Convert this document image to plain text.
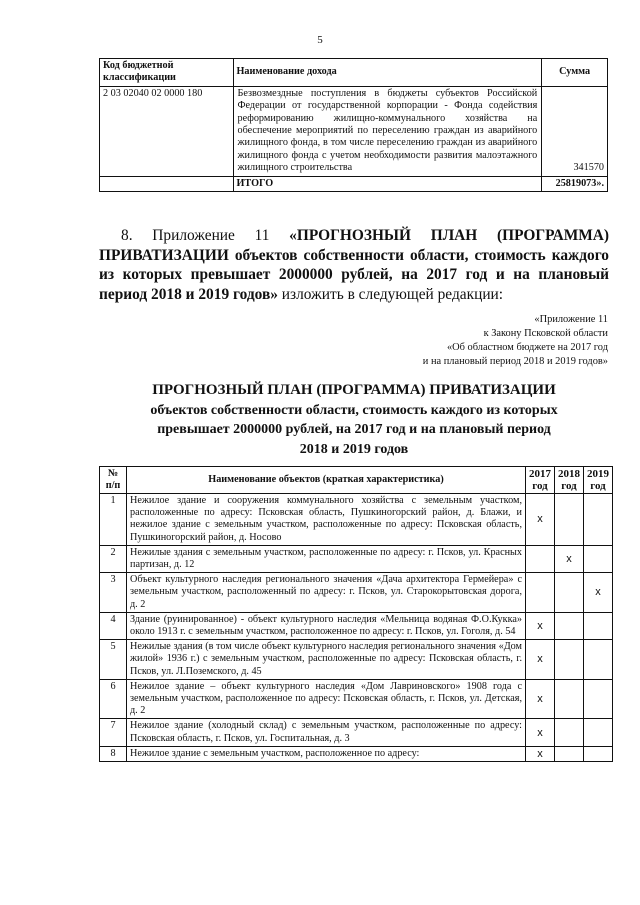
5
Код бюджетной классификации	Наименование дохода	Сумма
2 03 02040 02 0000 180	Безвозмездные поступления в бюджеты субъектов Российской Федерации от государственной корпорации - Фонда содействия реформированию жилищно-коммунального хозяйства на обеспечение мероприятий по переселению граждан из аварийного жилищного фонда, в том числе переселению граждан из аварийного жилищного фонда с учетом необходимости развития малоэтажного жилищного строительства	341570
	ИТОГО	25819073».
8. Приложение 11 «ПРОГНОЗНЫЙ ПЛАН (ПРОГРАММА) ПРИВАТИЗАЦИИ объектов собственности области, стоимость каждого из которых превышает 2000000 рублей, на 2017 год и на плановый период 2018 и 2019 годов» изложить в следующей редакции:
«Приложение 11
к Закону Псковской области
«Об областном бюджете на 2017 год
и на плановый период 2018 и 2019 годов»
ПРОГНОЗНЫЙ ПЛАН (ПРОГРАММА) ПРИВАТИЗАЦИИ
объектов собственности области, стоимость каждого из которых
превышает 2000000 рублей, на 2017 год и на плановый период
2018 и 2019 годов
№ п/п	Наименование объектов (краткая характеристика)	2017 год	2018 год	2019 год
1	Нежилое здание и сооружения коммунального хозяйства с земельным участком, расположенные по адресу: Псковская область, Пушкиногорский район, д. Блажи, и нежилое здание с земельным участком, расположенные по адресу: Псковская область, Пушкиногорский район, д. Носово	x		
2	Нежилые здания с земельным участком, расположенные по адресу: г. Псков, ул. Красных партизан, д. 12		x	
3	Объект культурного наследия регионального значения «Дача архитектора Гермейера» с земельным участком, расположенный по адресу: г. Псков, ул. Старокорытовская дорога, д. 2			x
4	Здание (руинированное) - объект культурного наследия «Мельница водяная Ф.О.Кукка» около 1913 г. с земельным участком, расположенное по адресу: г. Псков, ул. Гоголя, д. 54	x		
5	Нежилые здания (в том числе объект культурного наследия регионального значения «Дом жилой» 1936 г.) с земельным участком, расположенные по адресу: Псковская область, г. Псков, ул. Л.Поземского, д. 45	x		
6	Нежилое здание – объект культурного наследия «Дом Лавриновского» 1908 года с земельным участком, расположенное по адресу: Псковская область, г. Псков, ул. Детская, д. 2	x		
7	Нежилое здание (холодный склад) с земельным участком, расположенные по адресу: Псковская область, г. Псков, ул. Госпитальная, д. 3	x		
8	Нежилое здание с земельным участком, расположенное по адресу:	x		
